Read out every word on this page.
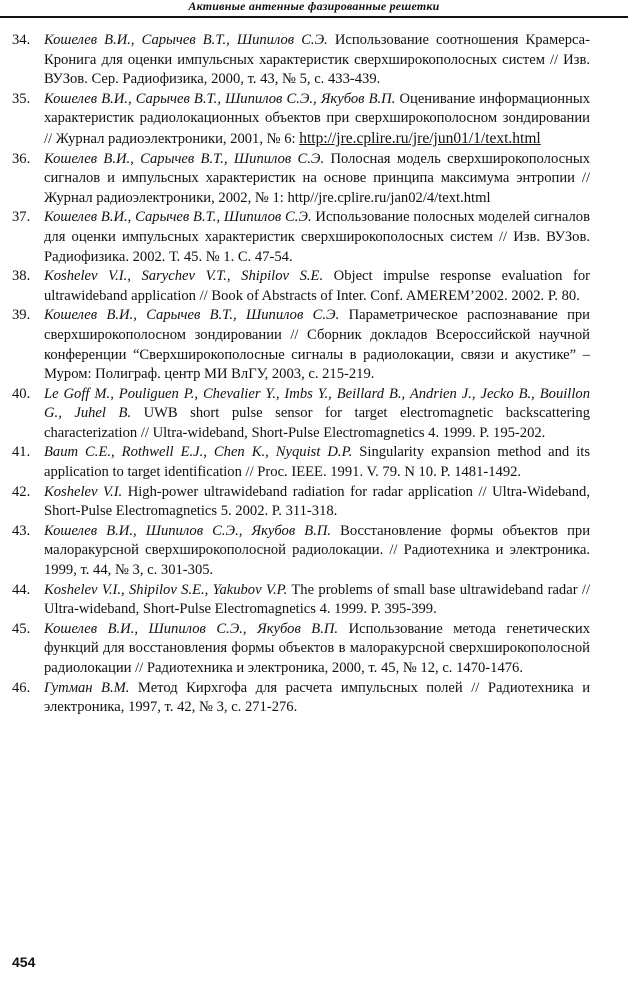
Активные антенные фазированные решетки
34. Кошелев В.И., Сарычев В.Т., Шипилов С.Э. Использование соотношения Крамерса-Кронига для оценки импульсных характеристик сверхширокополосных систем // Изв. ВУЗов. Сер. Радиофизика, 2000, т. 43, № 5, с. 433-439.
35. Кошелев В.И., Сарычев В.Т., Шипилов С.Э., Якубов В.П. Оценивание информационных характеристик радиолокационных объектов при сверхширокополосном зондировании // Журнал радиоэлектроники, 2001, № 6: http://jre.cplire.ru/jre/jun01/1/text.html
36. Кошелев В.И., Сарычев В.Т., Шипилов С.Э. Полосная модель сверхширокополосных сигналов и импульсных характеристик на основе принципа максимума энтропии // Журнал радиоэлектроники, 2002, № 1: http//jre.cplire.ru/jan02/4/text.html
37. Кошелев В.И., Сарычев В.Т., Шипилов С.Э. Использование полосных моделей сигналов для оценки импульсных характеристик сверхширокополосных систем // Изв. ВУЗов. Радиофизика. 2002. Т. 45. № 1. С. 47-54.
38. Koshelev V.I., Sarychev V.T., Shipilov S.E. Object impulse response evaluation for ultrawideband application // Book of Abstracts of Inter. Conf. AMEREM’2002. 2002. P. 80.
39. Кошелев В.И., Сарычев В.Т., Шипилов С.Э. Параметрическое распознавание при сверхширокополосном зондировании // Сборник докладов Всероссийской научной конференции “Сверхширокополосные сигналы в радиолокации, связи и акустике” – Муром: Полиграф. центр МИ ВлГУ, 2003, с. 215-219.
40. Le Goff M., Pouliguen P., Chevalier Y., Imbs Y., Beillard B., Andrien J., Jecko B., Bouillon G., Juhel B. UWB short pulse sensor for target electromagnetic backscattering characterization // Ultra-wideband, Short-Pulse Electromagnetics 4. 1999. P. 195-202.
41. Baum C.E., Rothwell E.J., Chen K., Nyquist D.P. Singularity expansion method and its application to target identification // Proc. IEEE. 1991. V. 79. N 10. P. 1481-1492.
42. Koshelev V.I. High-power ultrawideband radiation for radar application // Ultra-Wideband, Short-Pulse Electromagnetics 5. 2002. P. 311-318.
43. Кошелев В.И., Шипилов С.Э., Якубов В.П. Восстановление формы объектов при малоракурсной сверхширокополосной радиолокации. // Радиотехника и электроника. 1999, т. 44, № 3, с. 301-305.
44. Koshelev V.I., Shipilov S.E., Yakubov V.P. The problems of small base ultrawideband radar // Ultra-wideband, Short-Pulse Electromagnetics 4. 1999. P. 395-399.
45. Кошелев В.И., Шипилов С.Э., Якубов В.П. Использование метода генетических функций для восстановления формы объектов в малоракурсной сверхширокополосной радиолокации // Радиотехника и электроника, 2000, т. 45, № 12, с. 1470-1476.
46. Гутман В.М. Метод Кирхгофа для расчета импульсных полей // Радиотехника и электроника, 1997, т. 42, № 3, с. 271-276.
454
